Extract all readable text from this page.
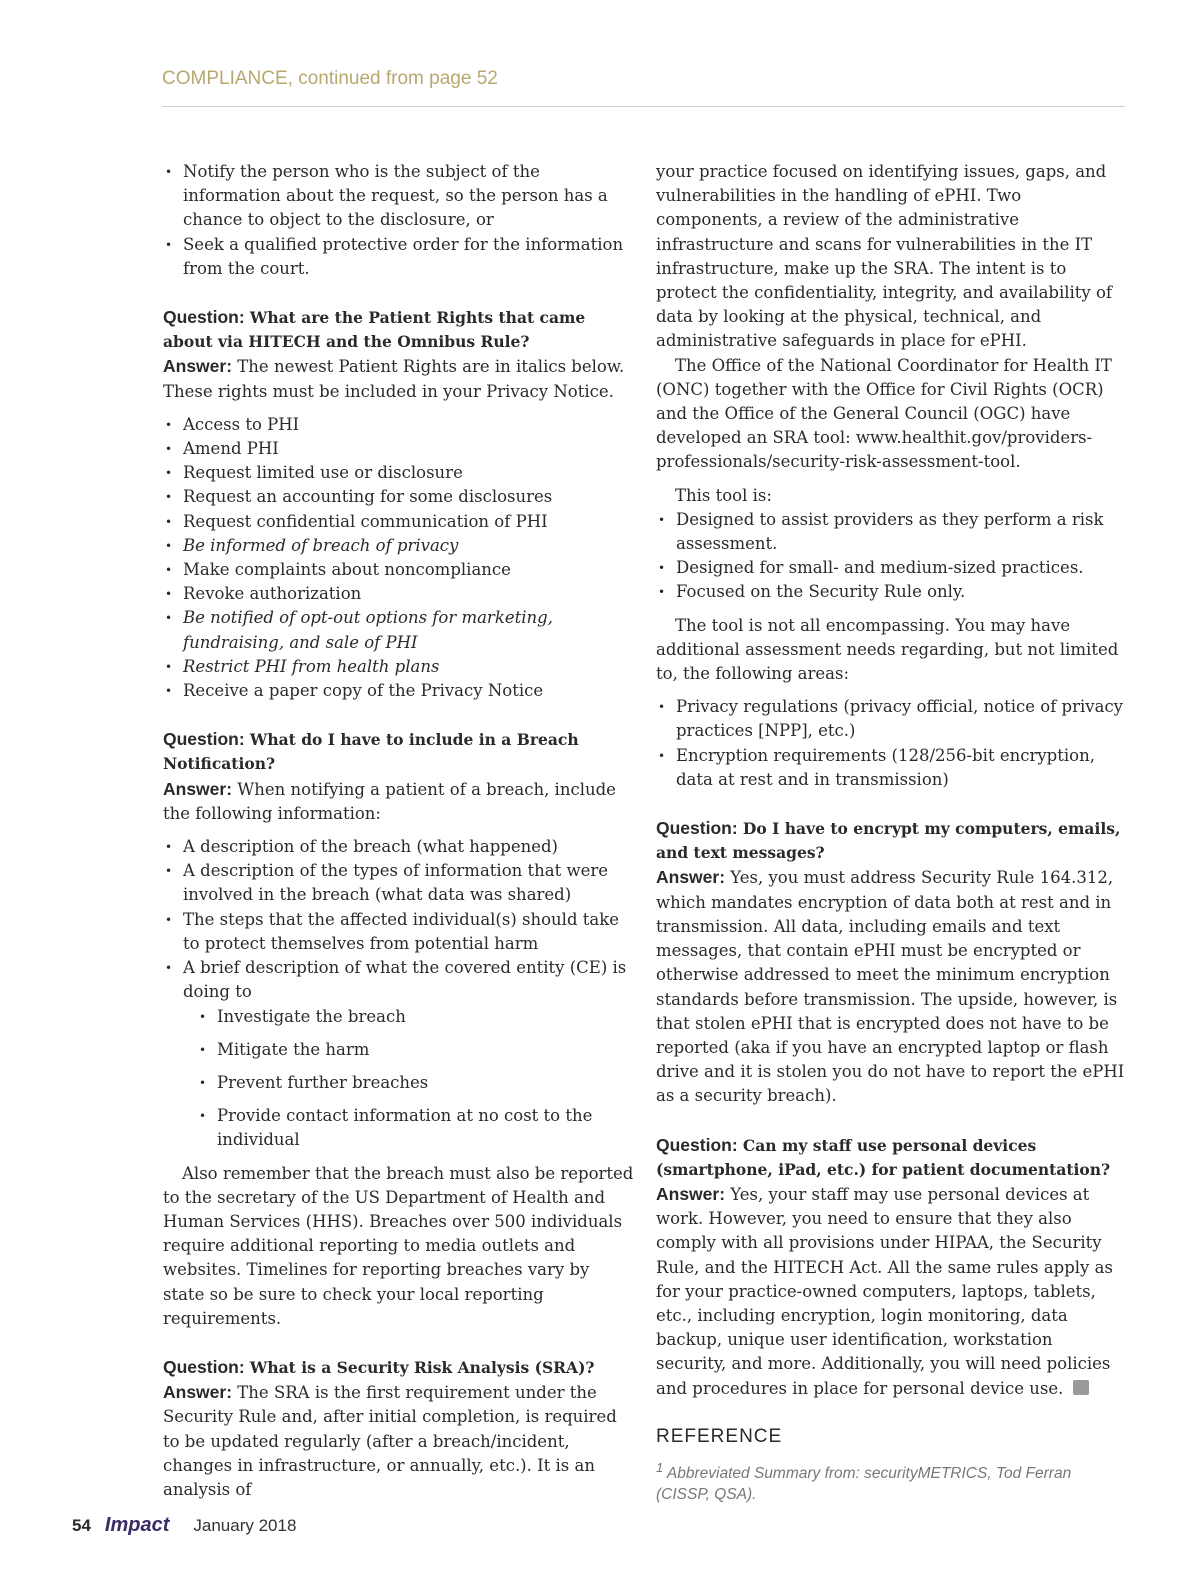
COMPLIANCE, continued from page 52
• Notify the person who is the subject of the information about the request, so the person has a chance to object to the disclosure, or
• Seek a qualified protective order for the information from the court.

Question: What are the Patient Rights that came about via HITECH and the Omnibus Rule?

Answer: The newest Patient Rights are in italics below. These rights must be included in your Privacy Notice.

• Access to PHI
• Amend PHI
• Request limited use or disclosure
• Request an accounting for some disclosures
• Request confidential communication of PHI
• Be informed of breach of privacy
• Make complaints about noncompliance
• Revoke authorization
• Be notified of opt-out options for marketing, fundraising, and sale of PHI
• Restrict PHI from health plans
• Receive a paper copy of the Privacy Notice

Question: What do I have to include in a Breach Notification?

Answer: When notifying a patient of a breach, include the following information:

• A description of the breach (what happened)
• A description of the types of information that were involved in the breach (what data was shared)
• The steps that the affected individual(s) should take to protect themselves from potential harm
• A brief description of what the covered entity (CE) is doing to
• Investigate the breach
• Mitigate the harm
• Prevent further breaches
• Provide contact information at no cost to the individual

Also remember that the breach must also be reported to the secretary of the US Department of Health and Human Services (HHS). Breaches over 500 individuals require additional reporting to media outlets and websites. Timelines for reporting breaches vary by state so be sure to check your local reporting requirements.

Question: What is a Security Risk Analysis (SRA)?

Answer: The SRA is the first requirement under the Security Rule and, after initial completion, is required to be updated regularly (after a breach/incident, changes in infrastructure, or annually, etc.). It is an analysis of

your practice focused on identifying issues, gaps, and vulnerabilities in the handling of ePHI. Two components, a review of the administrative infrastructure and scans for vulnerabilities in the IT infrastructure, make up the SRA. The intent is to protect the confidentiality, integrity, and availability of data by looking at the physical, technical, and administrative safeguards in place for ePHI.

The Office of the National Coordinator for Health IT (ONC) together with the Office for Civil Rights (OCR) and the Office of the General Council (OGC) have developed an SRA tool: www.healthit.gov/providers-professionals/security-risk-assessment-tool.

This tool is:

• Designed to assist providers as they perform a risk assessment.
• Designed for small- and medium-sized practices.
• Focused on the Security Rule only.

The tool is not all encompassing. You may have additional assessment needs regarding, but not limited to, the following areas:

• Privacy regulations (privacy official, notice of privacy practices [NPP], etc.)
• Encryption requirements (128/256-bit encryption, data at rest and in transmission)

Question: Do I have to encrypt my computers, emails, and text messages?

Answer: Yes, you must address Security Rule 164.312, which mandates encryption of data both at rest and in transmission. All data, including emails and text messages, that contain ePHI must be encrypted or otherwise addressed to meet the minimum encryption standards before transmission. The upside, however, is that stolen ePHI that is encrypted does not have to be reported (aka if you have an encrypted laptop or flash drive and it is stolen you do not have to report the ePHI as a security breach).

Question: Can my staff use personal devices (smartphone, iPad, etc.) for patient documentation?

Answer: Yes, your staff may use personal devices at work. However, you need to ensure that they also comply with all provisions under HIPAA, the Security Rule, and the HITECH Act. All the same rules apply as for your practice-owned computers, laptops, tablets, etc., including encryption, login monitoring, data backup, unique user identification, workstation security, and more. Additionally, you will need policies and procedures in place for personal device use.

REFERENCE

$^1$ Abbreviated Summary from: securityMETRICS, Tod Ferran (CISSP, QSA).

54 Impact January 2018
